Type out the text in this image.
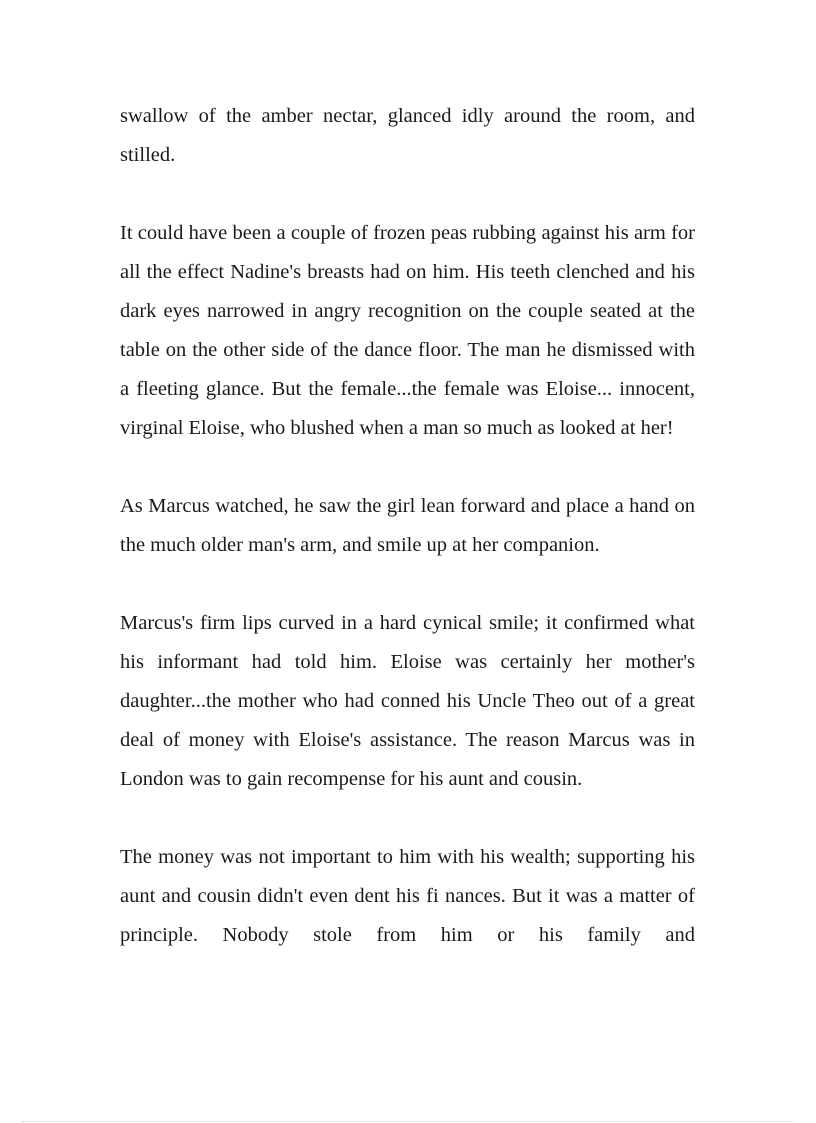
swallow of the amber nectar, glanced idly around the room, and stilled.

It could have been a couple of frozen peas rubbing against his arm for all the effect Nadine's breasts had on him. His teeth clenched and his dark eyes narrowed in angry recognition on the couple seated at the table on the other side of the dance floor. The man he dismissed with a fleeting glance. But the female...the female was Eloise... innocent, virginal Eloise, who blushed when a man so much as looked at her!

As Marcus watched, he saw the girl lean forward and place a hand on the much older man's arm, and smile up at her companion.

Marcus's firm lips curved in a hard cynical smile; it confirmed what his informant had told him. Eloise was certainly her mother's daughter...the mother who had conned his Uncle Theo out of a great deal of money with Eloise's assistance. The reason Marcus was in London was to gain recompense for his aunt and cousin.

The money was not important to him with his wealth; supporting his aunt and cousin didn't even dent his fi nances. But it was a matter of principle. Nobody stole from him or his family and
